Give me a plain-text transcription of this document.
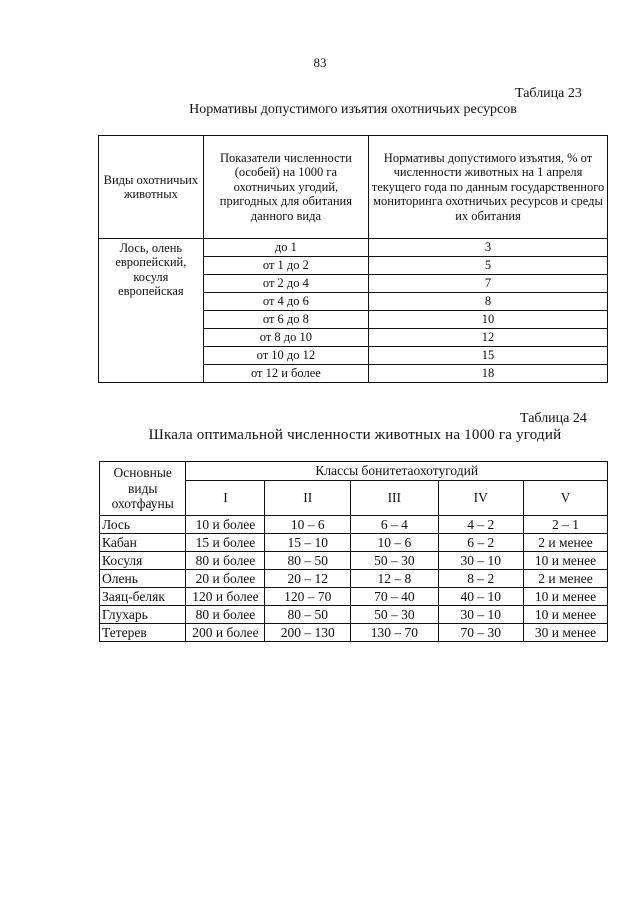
83
Таблица 23
Нормативы допустимого изъятия охотничьих ресурсов
Виды охотничьих животных	Показатели численности (особей) на 1000 га охотничьих угодий, пригодных для обитания данного вида	Нормативы допустимого изъятия, % от численности животных на 1 апреля текущего года по данным государственного мониторинга охотничьих ресурсов и среды их обитания
Лось, олень европейский, косуля европейская	до 1	3
	от 1 до 2	5
	от 2 до 4	7
	от 4 до 6	8
	от 6 до 8	10
	от 8 до 10	12
	от 10 до 12	15
	от 12 и более	18
Таблица 24
Шкала оптимальной численности животных на 1000 га угодий
Основные виды охотфауны	Классы бонитетаохотугодий				
	I	II	III	IV	V
Лось	10 и более	10 – 6	6 – 4	4 – 2	2 – 1
Кабан	15 и более	15 – 10	10 – 6	6 – 2	2 и менее
Косуля	80 и более	80 – 50	50 – 30	30 – 10	10 и менее
Олень	20 и более	20 – 12	12 – 8	8 – 2	2 и менее
Заяц-беляк	120 и более	120 – 70	70 – 40	40 – 10	10 и менее
Глухарь	80 и более	80 – 50	50 – 30	30 – 10	10 и менее
Тетерев	200 и более	200 – 130	130 – 70	70 – 30	30 и менее
